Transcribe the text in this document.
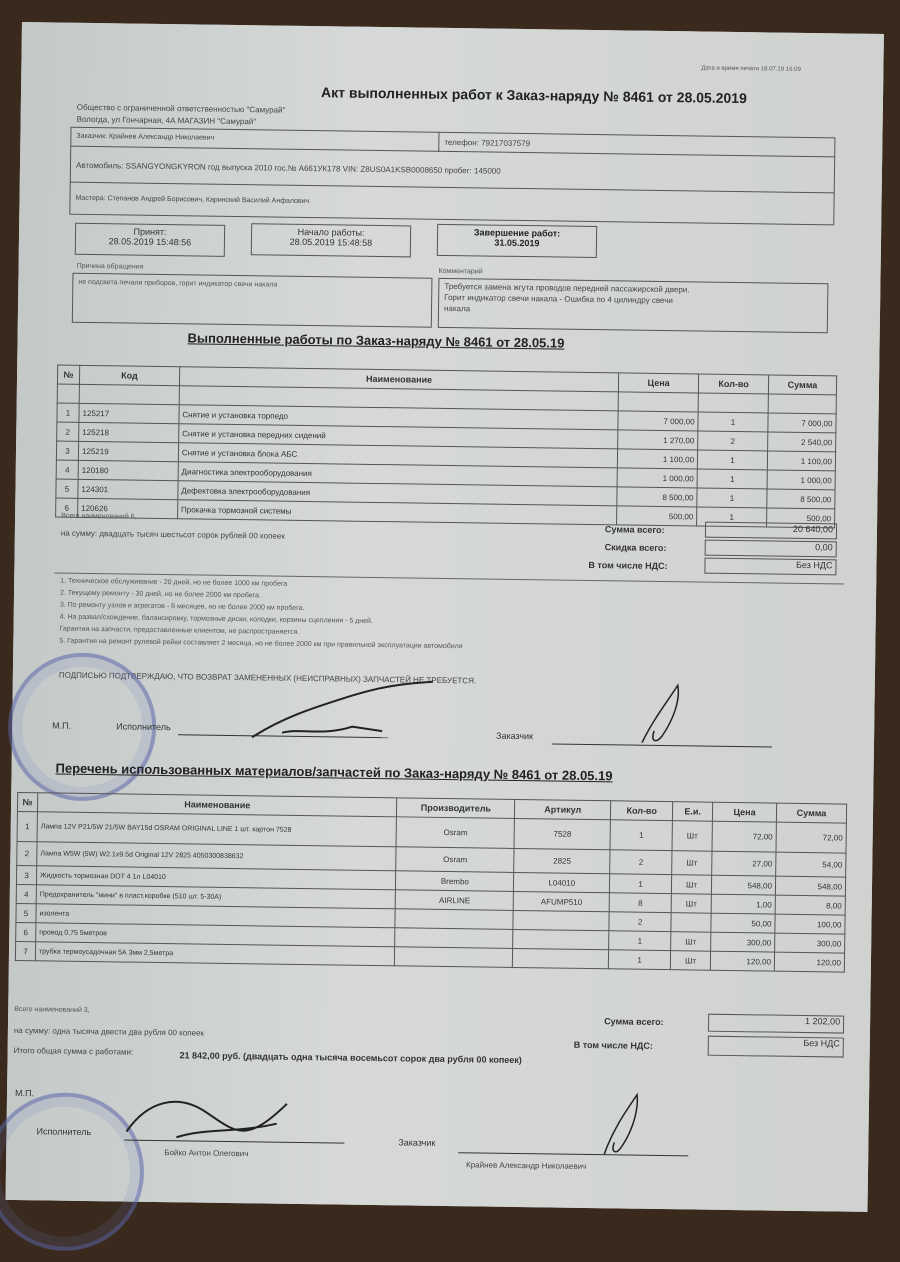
Дата и время печати 18.07.19 16:09
Акт выполненных работ к Заказ-наряду № 8461 от 28.05.2019
Общество с ограниченной ответственностью "Самурай"
Вологда, ул Гончарная, 4А МАГАЗИН "Самурай"
Заказчик: Крайнев Александр Николаевич
телефон: 79217037579
Автомобиль: SSANGYONGKYRON год выпуска 2010 гос.№ А661УК178 VIN: Z8US0A1KSB0008650 пробег: 145000
Мастера: Степанов Андрей Борисович, Каринский Василий Анфалович
Принят:
28.05.2019 15:48:56
Начало работы:
28.05.2019 15:48:58
Завершение работ:
31.05.2019
Причина обращения
Комментарий
не подсвета печали приборов, горит индикатор свечи накала	Требуется замена жгута проводов передней пассажирской двери.
Горит индикатор свечи накала - Ошибка по 4 цилиндру свечи
накала
Выполненные работы по Заказ-наряду № 8461 от 28.05.19
№	Код	Наименование	Цена	Кол-во	Сумма

1	125217	Снятие и установка торпедо	7 000,00	1	7 000,00
2	125218	Снятие и установка передних сидений	1 270,00	2	2 540,00
3	125219	Снятие и установка блока АБС	1 100,00	1	1 100,00
4	120180	Диагностика электрооборудования	1 000,00	1	1 000,00
5	124301	Дефектовка электрооборудования	8 500,00	1	8 500,00
6	120626	Прокачка тормозной системы	500,00	1	500,00
Всего наименований 6,
на сумму: двадцать тысяч шестьсот сорок рублей 00 копеек	Сумма всего:	20 640,00
Скидка всего:	0,00
В том числе НДС:	Без НДС
1. Техническое обслуживание - 20 дней, но не более 1000 км пробега
2. Текущему ремонту - 30 дней, но не более 2000 км пробега.
3. По ремонту узлов и агрегатов - 6 месяцев, но не более 2000 км пробега.
4. На развал/схождение, балансировку, тормозные диски, колодки, корзины сцепления - 5 дней.
Гарантия на запчасти, предоставленные клиентом, не распространяется.
5. Гарантия на ремонт рулевой рейки составляет 2 месяца, но не более 2000 км при правильной эксплуатации автомобиля
ПОДПИСЬЮ ПОДТВЕРЖДАЮ, ЧТО ВОЗВРАТ ЗАМЕНЕННЫХ (НЕИСПРАВНЫХ) ЗАПЧАСТЕЙ НЕ ТРЕБУЕТСЯ.
М.П.	Исполнитель
Заказчик
Перечень использованных материалов/запчастей по Заказ-наряду № 8461 от 28.05.19
№	Наименование	Производитель	Артикул	Кол-во	Е.и.	Цена	Сумма
1	Лампа 12V P21/5W 21/5W BAY15d OSRAM ORIGINAL LINE 1 шт. картон 7528	Osram	7528	1	Шт	72,00	72,00
2	Лампа W5W (5W) W2.1x9.5d Original 12V 2825 4050300838632	Osram	2825	2	Шт	27,00	54,00
3	Жидкость тормозная DOT 4 1л L04010	Brembo	L04010	1	Шт	548,00	548,00
4	Предохранитель "мини" в пласт.коробке (510 шт. 5-30A)	AIRLINE	AFUMP510	8	Шт	1,00	8,00
5	изолента			2		50,00	100,00
6	провод 0,75 5метров			1	Шт	300,00	300,00
7	трубка термоусадочная 5А 3мм 2,5метра			1	Шт	120,00	120,00
Всего наименований 3,
на сумму: одна тысяча двести два рубля 00 копеек
Сумма всего:	1 202,00
В том числе НДС:	Без НДС
Итого общая сумма с работами:	21 842,00 руб. (двадцать одна тысяча восемьсот сорок два рубля 00 копеек)
М.П.
Исполнитель
Бойко Антон Олегович
Заказчик
Крайнев Александр Николаевич
